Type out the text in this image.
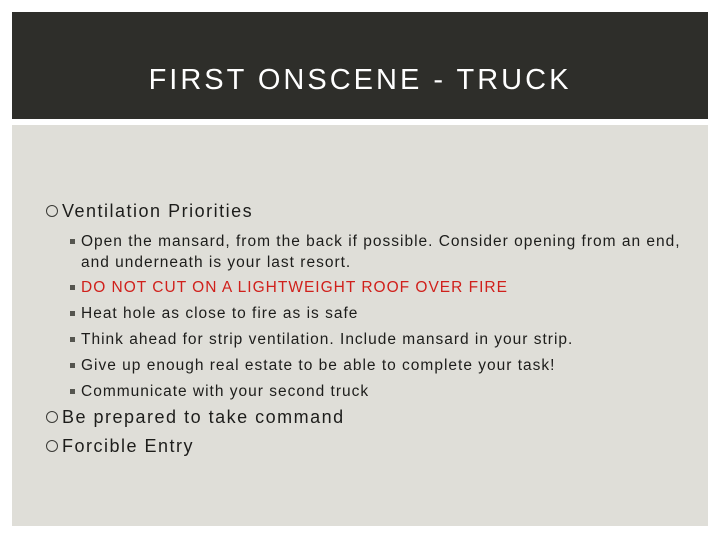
FIRST ONSCENE - TRUCK
Ventilation Priorities
Open the mansard, from the back if possible. Consider opening from an end, and underneath is your last resort.
DO NOT CUT ON A LIGHTWEIGHT ROOF OVER FIRE
Heat hole as close to fire as is safe
Think ahead for strip ventilation. Include mansard in your strip.
Give up enough real estate to be able to complete your task!
Communicate with your second truck
Be prepared to take command
Forcible Entry
